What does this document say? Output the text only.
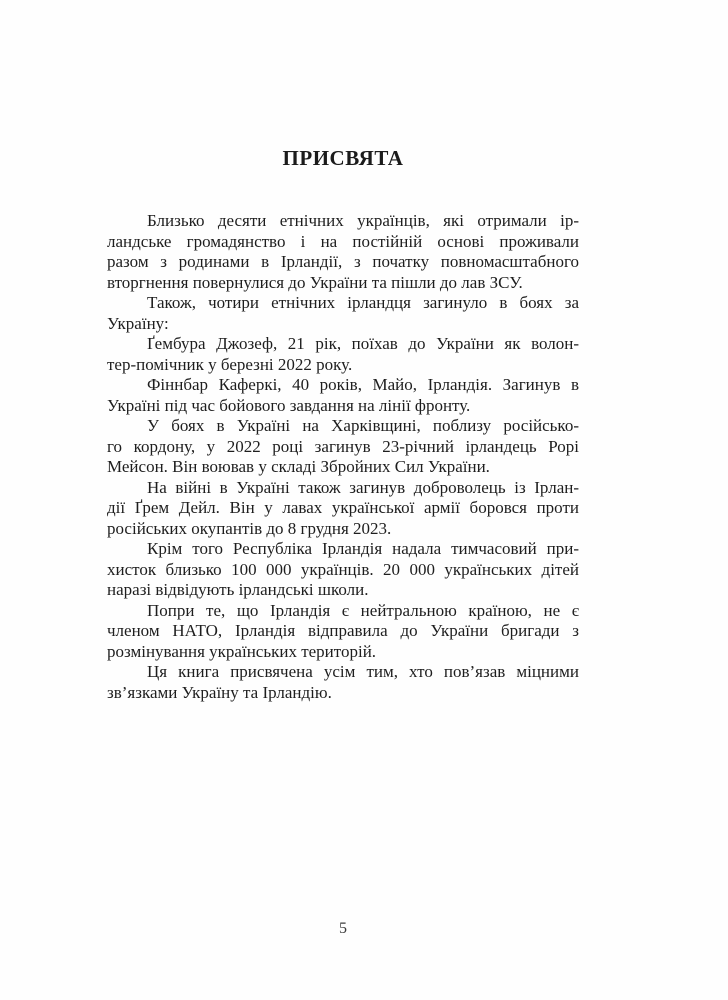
ПРИСВЯТА
Близько десяти етнічних українців, які отримали ір-
ландське громадянство і на постійній основі проживали
разом з родинами в Ірландії, з початку повномасштабного
вторгнення повернулися до України та пішли до лав ЗСУ.
Також, чотири етнічних ірландця загинуло в боях за
Україну:
Ґембура Джозеф, 21 рік, поїхав до України як волон-
тер-помічник у березні 2022 року.
Фіннбар Каферкі, 40 років, Майо, Ірландія. Загинув в
Україні під час бойового завдання на лінії фронту.
У боях в Україні на Харківщині, поблизу російсько-
го кордону, у 2022 році загинув 23-річний ірландець Рорі
Мейсон. Він воював у складі Збройних Сил України.
На війні в Україні також загинув доброволець із Ірлан-
дії Ґрем Дейл. Він у лавах української армії боровся проти
російських окупантів до 8 грудня 2023.
Крім того Республіка Ірландія надала тимчасовий при-
хисток близько 100 000 українців. 20 000 українських дітей
наразі відвідують ірландські школи.
Попри те, що Ірландія є нейтральною країною, не є
членом НАТО, Ірландія відправила до України бригади з
розмінування українських територій.
Ця книга присвячена усім тим, хто пов’язав міцними
зв’язками Україну та Ірландію.
5
